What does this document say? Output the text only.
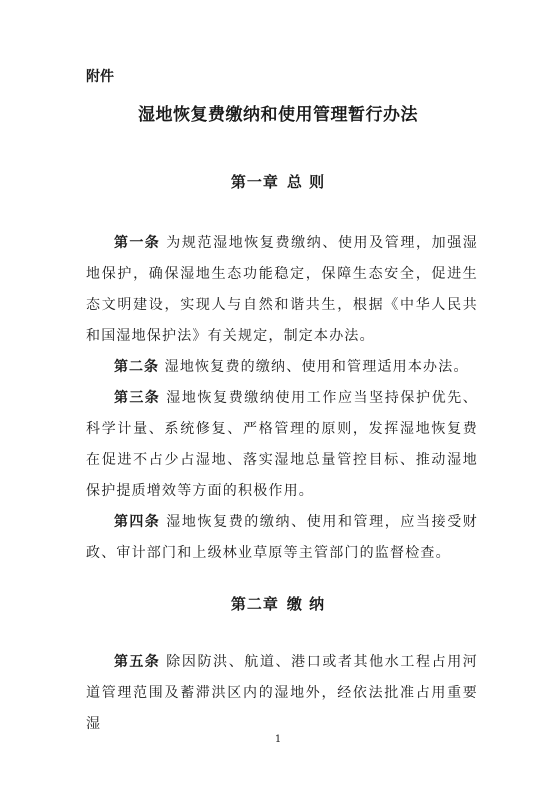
附件
湿地恢复费缴纳和使用管理暂行办法
第一章 总 则
第一条 为规范湿地恢复费缴纳、使用及管理，加强湿地保护，确保湿地生态功能稳定，保障生态安全，促进生态文明建设，实现人与自然和谐共生，根据《中华人民共和国湿地保护法》有关规定，制定本办法。
第二条 湿地恢复费的缴纳、使用和管理适用本办法。
第三条 湿地恢复费缴纳使用工作应当坚持保护优先、科学计量、系统修复、严格管理的原则，发挥湿地恢复费在促进不占少占湿地、落实湿地总量管控目标、推动湿地保护提质增效等方面的积极作用。
第四条 湿地恢复费的缴纳、使用和管理，应当接受财政、审计部门和上级林业草原等主管部门的监督检查。
第二章 缴 纳
第五条 除因防洪、航道、港口或者其他水工程占用河道管理范围及蓄滞洪区内的湿地外，经依法批准占用重要湿
1
